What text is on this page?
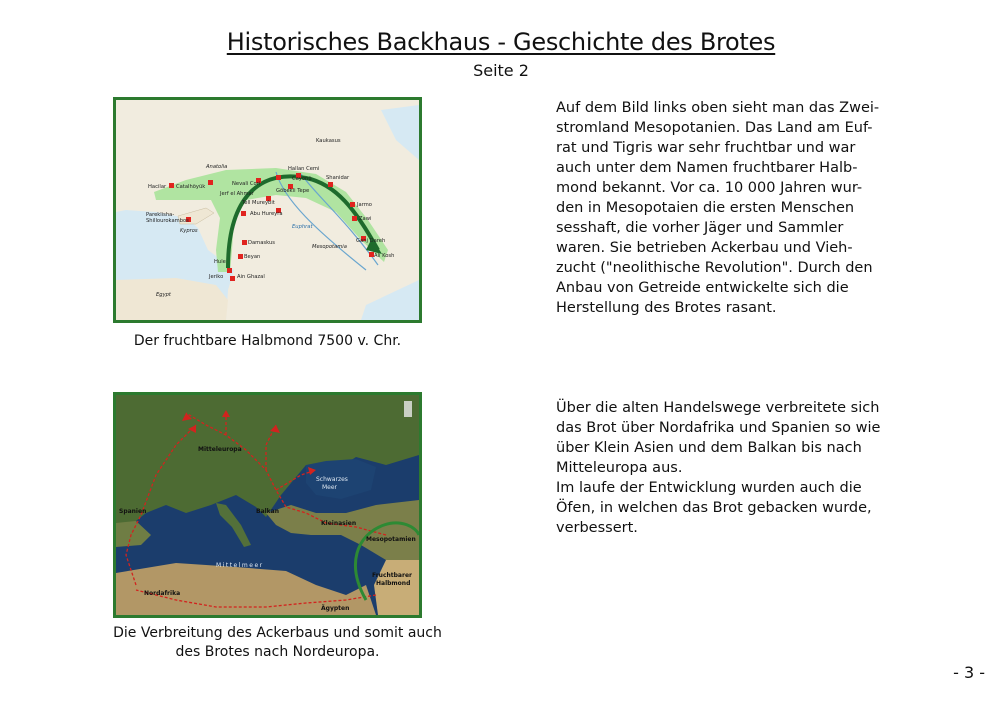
Historisches Backhaus - Geschichte des Brotes
Seite 2
Kaukasus
Anatolia
Hacilar Catalhöyük	Nevali Cori
Hallan Cemi
Cayönü	Shanidar
Jerf el Ahmar	Göbekli Tepe
Tell Mureybit
Abu Hureyra
Jarmo
Zawi
Ganj Dareh
Ali Kosh
Pareklisha-Shillourokambos
Kypros
Damaskus
Beyan
Hule
Jeriko	Ain Ghazal
Euphrat
Mesopotamia
Egypt
Der fruchtbare Halbmond 7500 v. Chr.
Mitteleuropa
Spanien	Balkan
Kleinasien
Mesopotamien
Fruchtbarer
Halbmond
Nordafrika
Ägypten
Schwarzes
Meer
Mittelmeer
Die Verbreitung des Ackerbaus und somit auch
des Brotes nach Nordeuropa.

Auf dem Bild links oben sieht man das Zwei-

stromland Mesopotanien. Das Land am Euf-

rat und Tigris war sehr fruchtbar und war

auch unter dem Namen fruchtbarer Halb-

mond bekannt. Vor ca. 10 000 Jahren wur-

den in Mesopotaien die ersten Menschen

sesshaft, die vorher Jäger und Sammler

waren. Sie betrieben Ackerbau und Vieh-

zucht ("neolithische Revolution". Durch den

Anbau von Getreide entwickelte sich die

Herstellung des Brotes rasant.

Über die alten Handelswege verbreitete sich

das Brot über Nordafrika und Spanien so wie

über Klein Asien und dem Balkan bis nach

Mitteleuropa aus.

Im laufe der Entwicklung wurden auch die

Öfen, in welchen das Brot gebacken wurde,

verbessert.

- 3 -
